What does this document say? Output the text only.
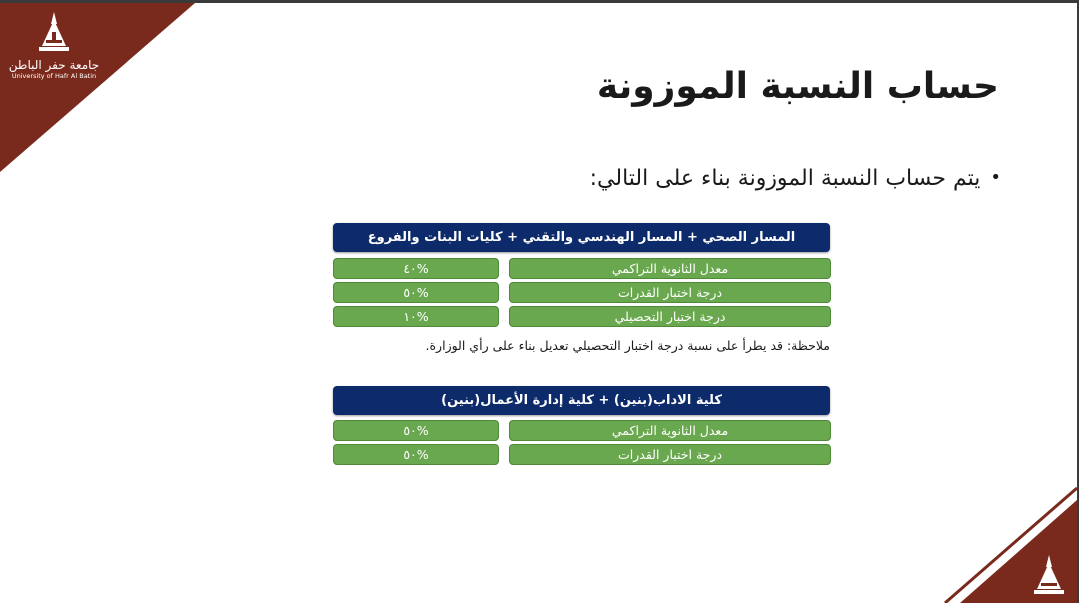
جامعة حفر الباطن
University of Hafr Al Batin	حساب النسبة الموزونة
•يتم حساب النسبة الموزونة بناء على التالي:
المسار الصحي + المسار الهندسي والتقني + كليات البنات والفروع
معدل الثانوية التراكمي
%٤٠
درجة اختبار القدرات
%٥٠
درجة اختبار التحصيلي
%١٠
ملاحظة: قد يطرأ على نسبة درجة اختبار التحصيلي تعديل بناء على رأي الوزارة.
كلية الاداب(بنين) + كلية إدارة الأعمال(بنين)
معدل الثانوية التراكمي
%٥٠
درجة اختبار القدرات
%٥٠
